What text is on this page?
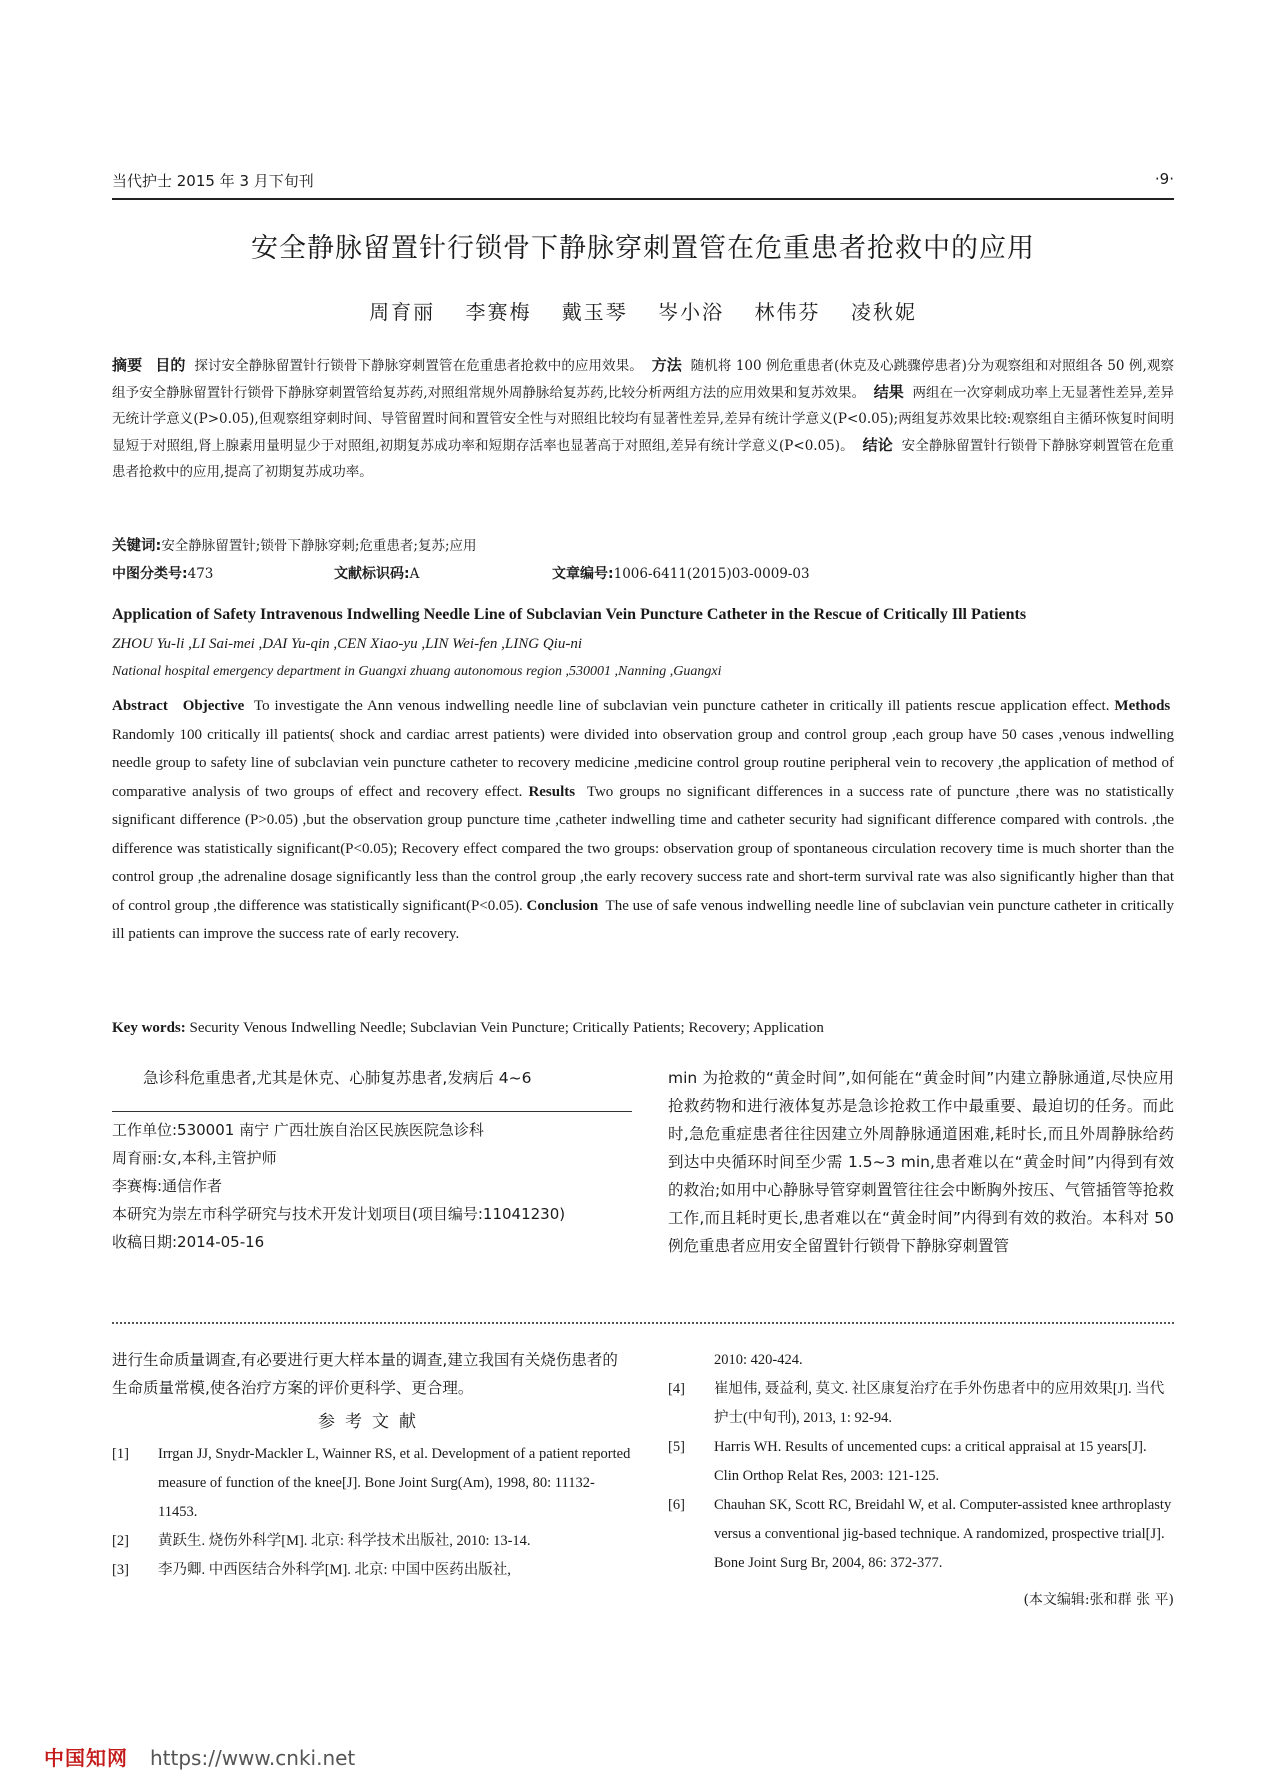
当代护士 2015 年 3 月下旬刊	·9·
安全静脉留置针行锁骨下静脉穿刺置管在危重患者抢救中的应用
周育丽 李赛梅 戴玉琴 岑小浴 林伟芬 凌秋妮
摘要 目的 探讨安全静脉留置针行锁骨下静脉穿刺置管在危重患者抢救中的应用效果。 方法 随机将 100 例危重患者(休克及心跳骤停患者)分为观察组和对照组各 50 例,观察组予安全静脉留置针行锁骨下静脉穿刺置管给复苏药,对照组常规外周静脉给复苏药,比较分析两组方法的应用效果和复苏效果。 结果 两组在一次穿刺成功率上无显著性差异,差异无统计学意义(P>0.05),但观察组穿刺时间、导管留置时间和置管安全性与对照组比较均有显著性差异,差异有统计学意义(P<0.05);两组复苏效果比较:观察组自主循环恢复时间明显短于对照组,肾上腺素用量明显少于对照组,初期复苏成功率和短期存活率也显著高于对照组,差异有统计学意义(P<0.05)。 结论 安全静脉留置针行锁骨下静脉穿刺置管在危重患者抢救中的应用,提高了初期复苏成功率。
关键词:安全静脉留置针;锁骨下静脉穿刺;危重患者;复苏;应用
中图分类号:473	文献标识码:A	文章编号:1006-6411(2015)03-0009-03
Application of Safety Intravenous Indwelling Needle Line of Subclavian Vein Puncture Catheter in the Rescue of Critically Ill Patients
ZHOU Yu-li ,LI Sai-mei ,DAI Yu-qin ,CEN Xiao-yu ,LIN Wei-fen ,LING Qiu-ni
National hospital emergency department in Guangxi zhuang autonomous region ,530001 ,Nanning ,Guangxi
Abstract Objective To investigate the Ann venous indwelling needle line of subclavian vein puncture catheter in critically ill patients rescue application effect. Methods  Randomly 100 critically ill patients( shock and cardiac arrest patients) were divided into observation group and control group ,each group have 50 cases ,venous indwelling needle group to safety line of subclavian vein puncture catheter to recovery medicine ,medicine control group routine peripheral vein to recovery ,the application of method of comparative analysis of two groups of effect and recovery effect. Results Two groups no significant differences in a success rate of puncture ,there was no statistically significant difference (P>0.05) ,but the observation group puncture time ,catheter indwelling time and catheter security had significant difference compared with controls. ,the difference was statistically significant(P<0.05); Recovery effect compared the two groups: observation group of spontaneous circulation recovery time is much shorter than the control group ,the adrenaline dosage significantly less than the control group ,the early recovery success rate and short-term survival rate was also significantly higher than that of control group ,the difference was statistically significant(P<0.05). Conclusion The use of safe venous indwelling needle line of subclavian vein puncture catheter in critically ill patients can improve the success rate of early recovery.
Key words: Security Venous Indwelling Needle; Subclavian Vein Puncture; Critically Patients; Recovery; Application
急诊科危重患者,尤其是休克、心肺复苏患者,发病后 4~6
工作单位:530001 南宁 广西壮族自治区民族医院急诊科
周育丽:女,本科,主管护师
李赛梅:通信作者
本研究为崇左市科学研究与技术开发计划项目(项目编号:11041230)
收稿日期:2014-05-16
min 为抢救的“黄金时间”,如何能在“黄金时间”内建立静脉通道,尽快应用抢救药物和进行液体复苏是急诊抢救工作中最重要、最迫切的任务。而此时,急危重症患者往往因建立外周静脉通道困难,耗时长,而且外周静脉给药到达中央循环时间至少需 1.5~3 min,患者难以在“黄金时间”内得到有效的救治;如用中心静脉导管穿刺置管往往会中断胸外按压、气管插管等抢救工作,而且耗时更长,患者难以在“黄金时间”内得到有效的救治。本科对 50 例危重患者应用安全留置针行锁骨下静脉穿刺置管
进行生命质量调查,有必要进行更大样本量的调查,建立我国有关烧伤患者的生命质量常模,使各治疗方案的评价更科学、更合理。
参考文献
[1] Irrgan JJ, Snydr-Mackler L, Wainner RS, et al. Development of a patient reported measure of function of the knee[J]. Bone Joint Surg(Am), 1998, 80: 11132-11453.
[2] 黄跃生. 烧伤外科学[M]. 北京: 科学技术出版社, 2010: 13-14.
[3] 李乃卿. 中西医结合外科学[M]. 北京: 中国中医药出版社,
2010: 420-424.
[4] 崔旭伟, 聂益利, 莫文. 社区康复治疗在手外伤患者中的应用效果[J]. 当代护士(中旬刊), 2013, 1: 92-94.
[5] Harris WH. Results of uncemented cups: a critical appraisal at 15 years[J]. Clin Orthop Relat Res, 2003: 121-125.
[6] Chauhan SK, Scott RC, Breidahl W, et al. Computer-assisted knee arthroplasty versus a conventional jig-based technique. A randomized, prospective trial[J]. Bone Joint Surg Br, 2004, 86: 372-377.
(本文编辑:张和群 张 平)
中国知网 https://www.cnki.net
